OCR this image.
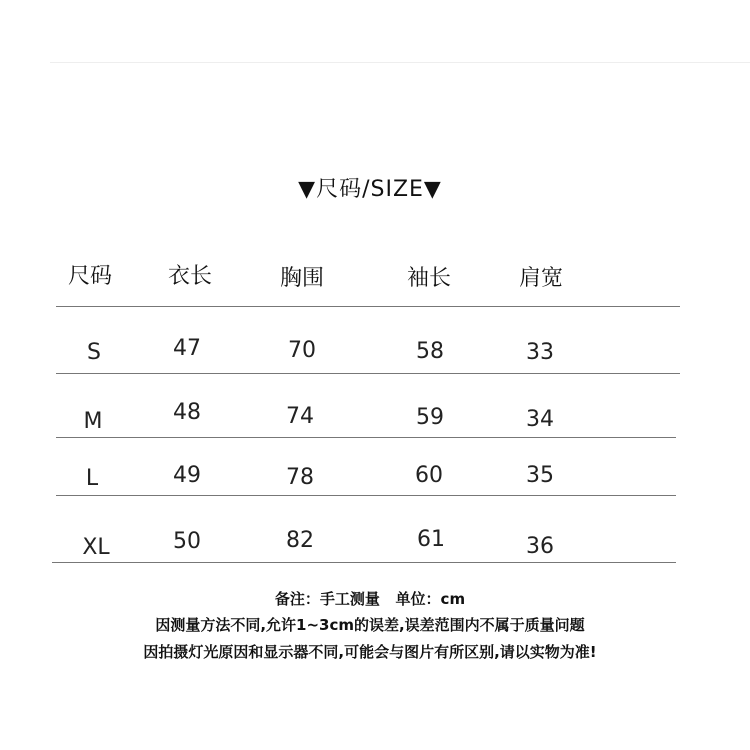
▼尺码/SIZE▼
尺码	衣长	胸围	袖长	肩宽
S	47	70	58	33
M	48	74	59	34
L	49	78	60	35
XL	50	82	61	36
备注：手工测量   单位：cm
因测量方法不同,允许1~3cm的误差,误差范围内不属于质量问题
因拍摄灯光原因和显示器不同,可能会与图片有所区别,请以实物为准!
